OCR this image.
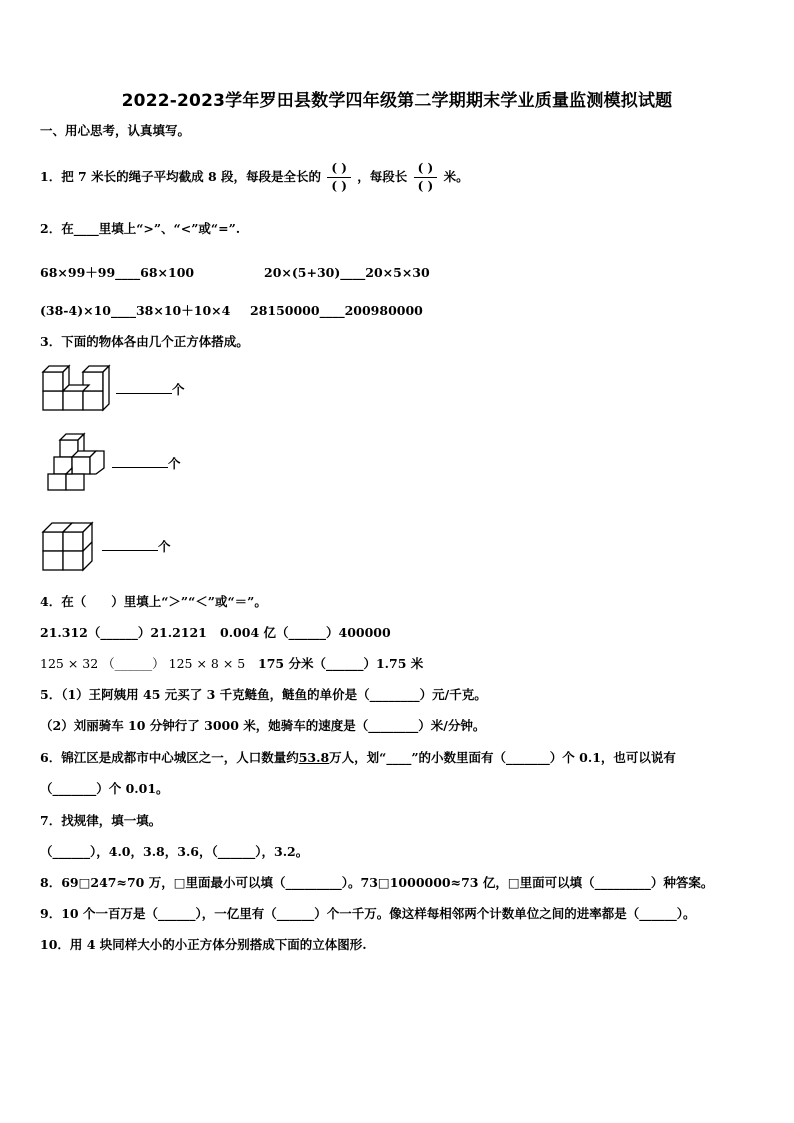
2022-2023学年罗田县数学四年级第二学期期末学业质量监测模拟试题
一、用心思考，认真填写。
1．把 7 米长的绳子平均截成 8 段，每段是全长的 $\frac{( )}{( )}$ ，每段长 $\frac{( )}{( )}$ 米。
2．在____里填上“>”、“<”或“=”.
68×99＋99____68×100	20×(5+30)____20×5×30
(38-4)×10____38×10＋10×4 28150000____200980000
3．下面的物体各由几个正方体搭成。
个
个
个
4．在（　　）里填上“＞”“＜”或“＝”。
21.312（______）21.2121 0.004 亿（______）400000
125 × 32 （______） 125 × 8 × 5 175 分米（______）1.75 米
5．（1）王阿姨用 45 元买了 3 千克鲢鱼，鲢鱼的单价是（________）元/千克。
（2）刘丽骑车 10 分钟行了 3000 米，她骑车的速度是（________）米/分钟。
6．锦江区是成都市中心城区之一，人口数量约53.8万人，划“____”的小数里面有（_______）个 0.1，也可以说有
（_______）个 0.01。
7．找规律，填一填。
（______），4.0，3.8，3.6，（______），3.2。
8．69□247≈70 万，□里面最小可以填（_________）。73□1000000≈73 亿，□里面可以填（_________）种答案。
9．10 个一百万是（______），一亿里有（______）个一千万。像这样每相邻两个计数单位之间的进率都是（______）。
10．用 4 块同样大小的小正方体分别搭成下面的立体图形.
